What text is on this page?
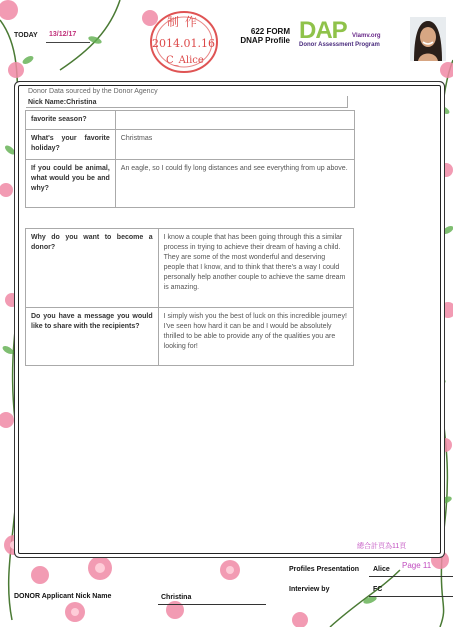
TODAY 13/12/17
制 作
2014.01.16
C_Alice
622 FORM
DNAP Profile DAP Vlamv.org
Donor Assessment Program
Donor Data sourced by the Donor Agency
Nick Name:Christina
favorite season?	
What's your favorite holiday?	Christmas
If you could be animal, what would you be and why?	An eagle, so I could fly long distances and see everything from up above.
Why do you want to become a donor?	I know a couple that has been going through this a similar process in trying to achieve their dream of having a child. They are some of the most wonderful and deserving people that I know, and to think that there's a way I could personally help another couple to achieve the same dream is amazing.
Do you have a message you would like to share with the recipients?	I simply wish you the best of luck on this incredible journey! I've seen how hard it can be and I would be absolutely thrilled to be able to provide any of the qualities you are looking for!
總合計頁為11頁
Profiles Presentation Alice Page 11
Interview by	FC
DONOR Applicant Nick Name	Christina
